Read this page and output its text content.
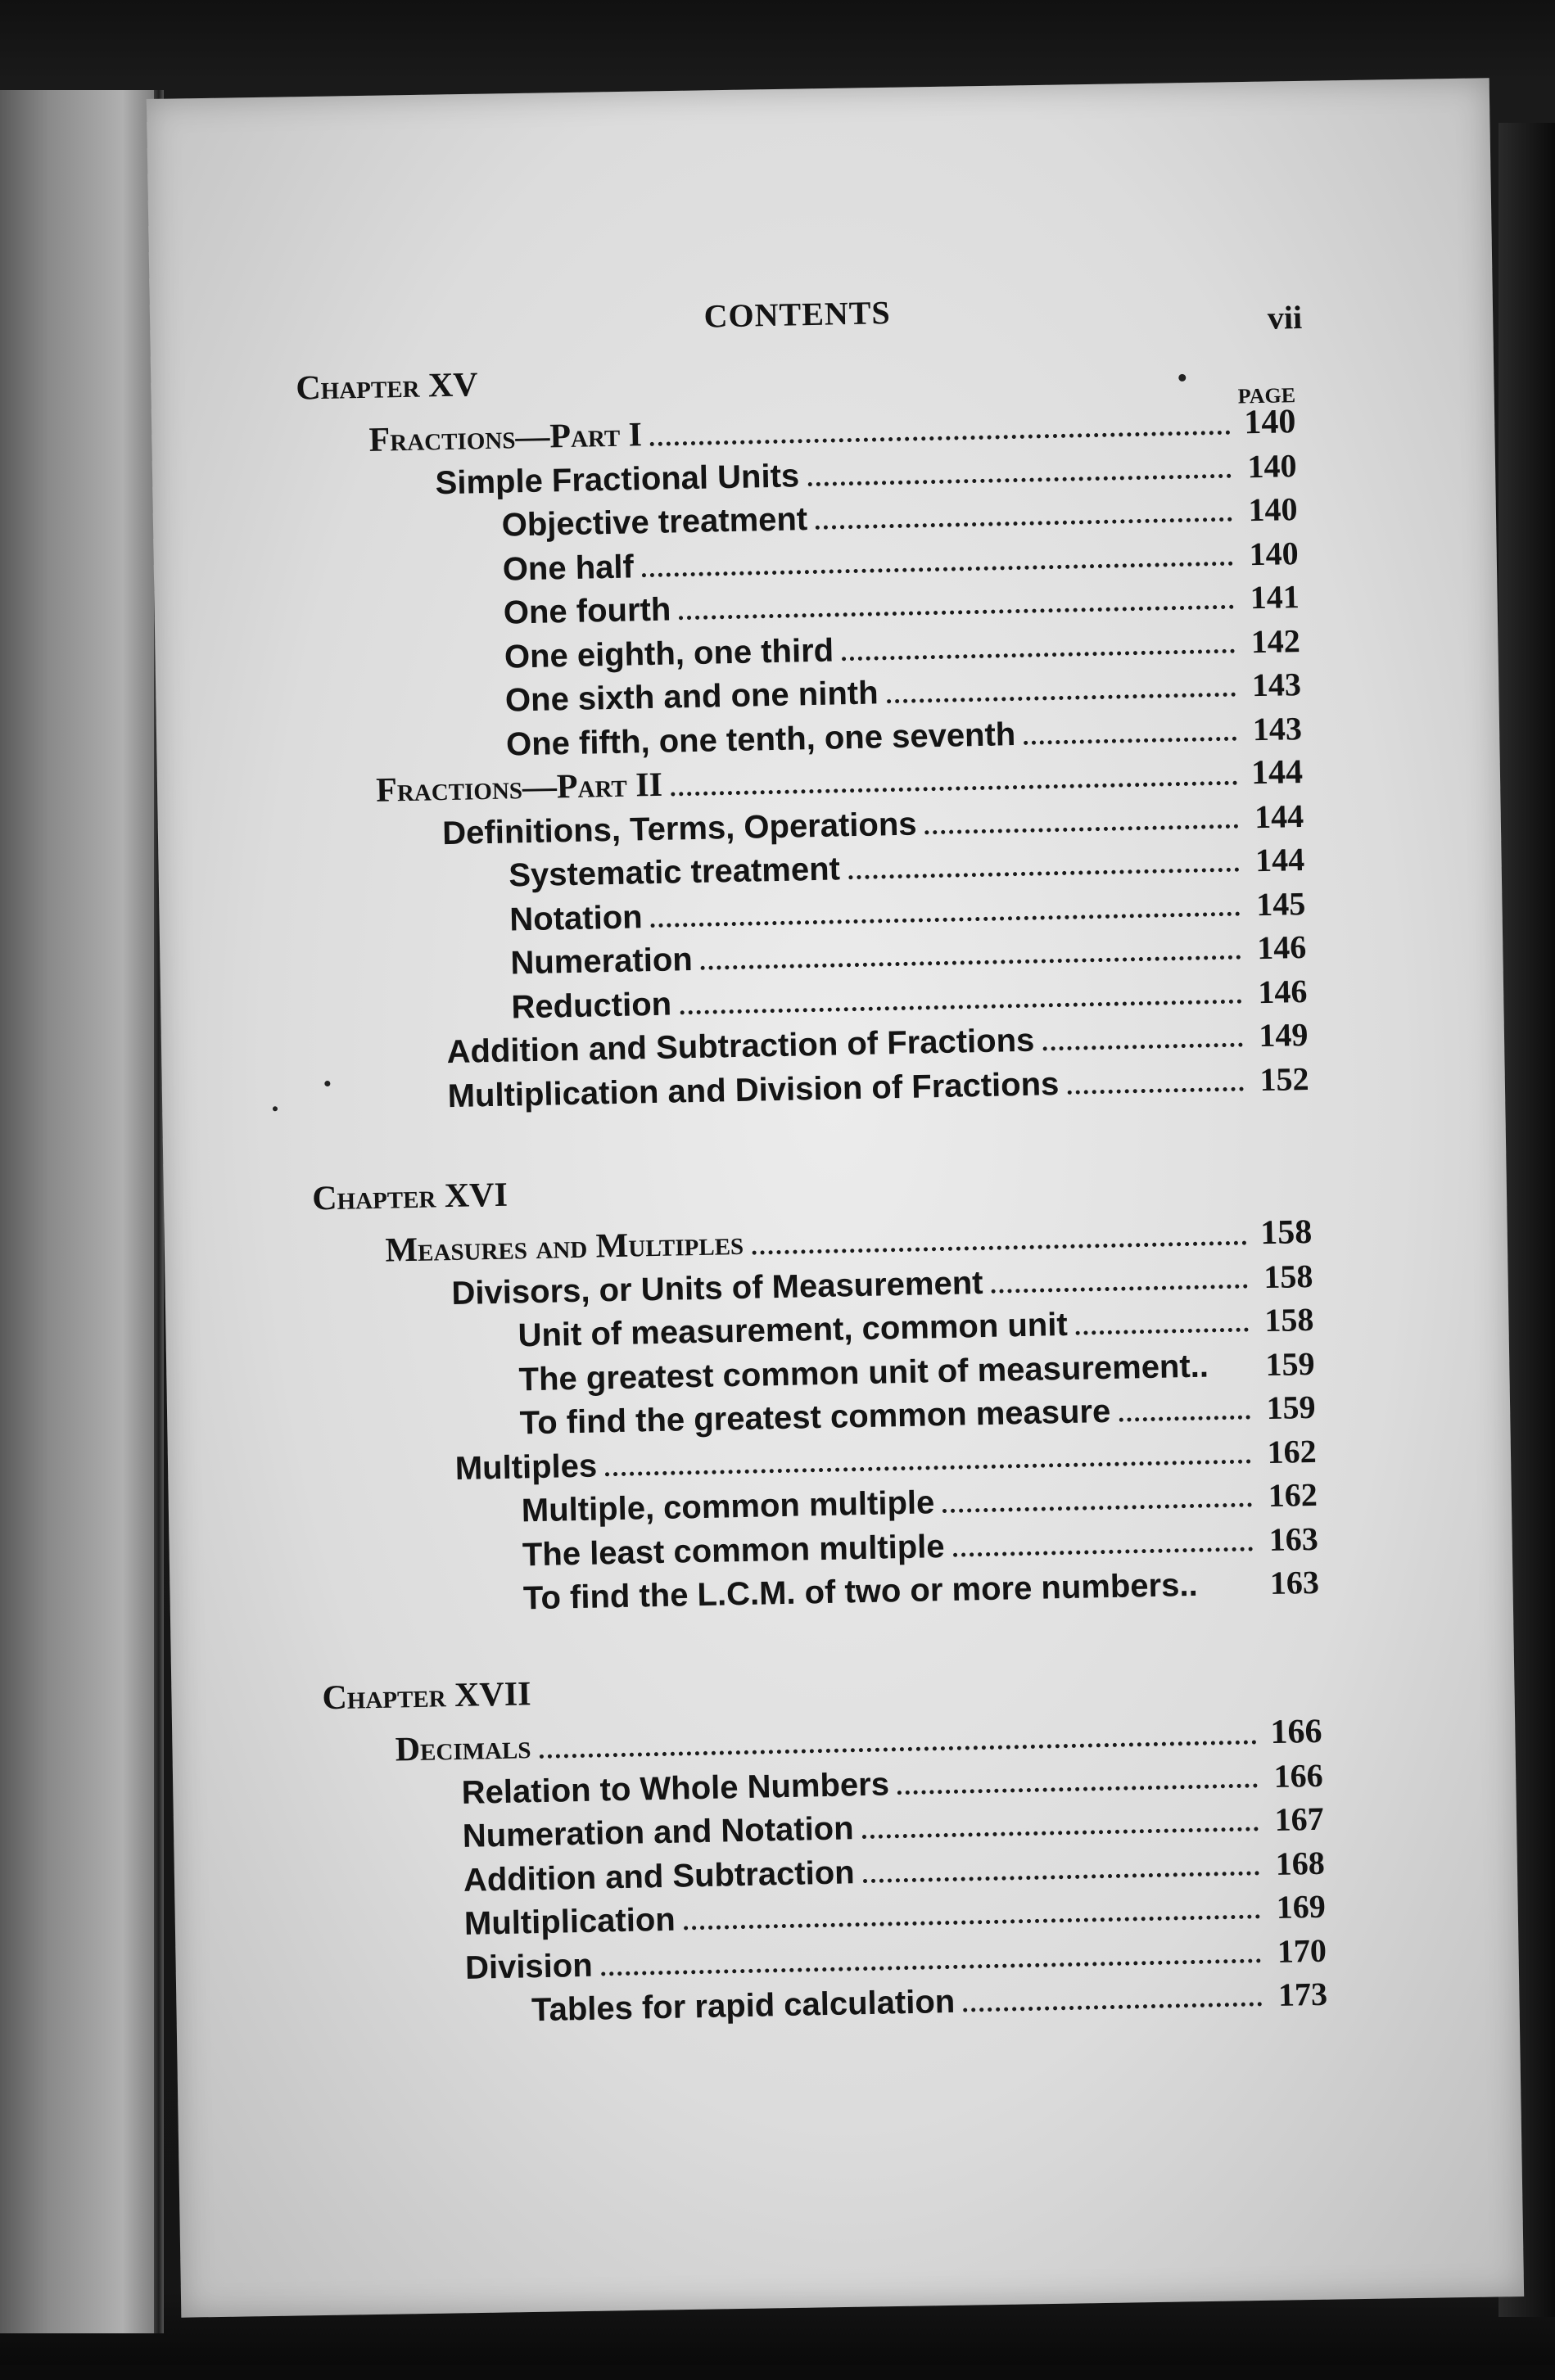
CONTENTS	vii
PAGE
Chapter XV
Fractions—Part I	140
Simple Fractional Units	140
Objective treatment	140
One half	140
One fourth	141
One eighth, one third	142
One sixth and one ninth	143
One fifth, one tenth, one seventh	143
Fractions—Part II	144
Definitions, Terms, Operations	144
Systematic treatment	144
Notation	145
Numeration	146
Reduction	146
Addition and Subtraction of Fractions	149
Multiplication and Division of Fractions	152
Chapter XVI
Measures and Multiples	158
Divisors, or Units of Measurement	158
Unit of measurement, common unit	158
The greatest common unit of measurement.. 159
To find the greatest common measure	159
Multiples	162
Multiple, common multiple	162
The least common multiple	163
To find the L.C.M. of two or more numbers.. 163
Chapter XVII
Decimals	166
Relation to Whole Numbers	166
Numeration and Notation	167
Addition and Subtraction	168
Multiplication	169
Division	170
Tables for rapid calculation	173
